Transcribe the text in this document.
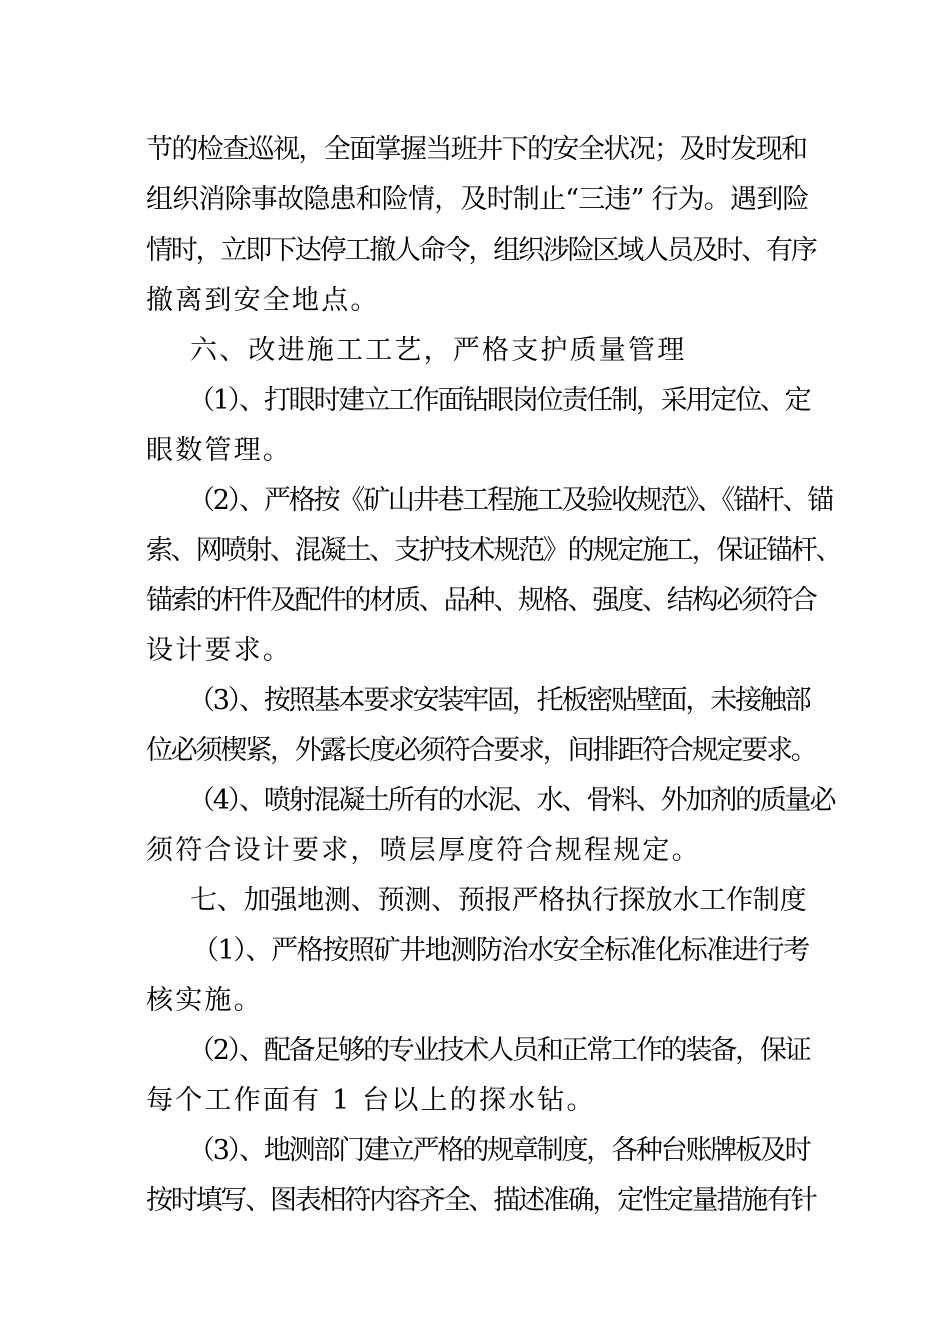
节的检查巡视，全面掌握当班井下的安全状况；及时发现和
组织消除事故隐患和险情，及时制止“三违” 行为。遇到险
情时，立即下达停工撤人命令，组织涉险区域人员及时、有序
撤离到安全地点。
六、改进施工工艺，严格支护质量管理
（1）、打眼时建立工作面钻眼岗位责任制，采用定位、定
眼数管理。
（2）、严格按《矿山井巷工程施工及验收规范》、《锚杆、锚
索、网喷射、混凝土、支护技术规范》的规定施工，保证锚杆、
锚索的杆件及配件的材质、品种、规格、强度、结构必须符合
设计要求。
（3）、按照基本要求安装牢固，托板密贴壁面，未接触部
位必须楔紧，外露长度必须符合要求，间排距符合规定要求。
（4）、喷射混凝土所有的水泥、水、骨料、外加剂的质量必
须符合设计要求，喷层厚度符合规程规定。
七、加强地测、预测、预报严格执行探放水工作制度
（1）、严格按照矿井地测防治水安全标准化标准进行考
核实施。
（2）、配备足够的专业技术人员和正常工作的装备，保证
每个工作面有 1 台以上的探水钻。
（3）、地测部门建立严格的规章制度，各种台账牌板及时
按时填写、图表相符内容齐全、描述准确，定性定量措施有针
